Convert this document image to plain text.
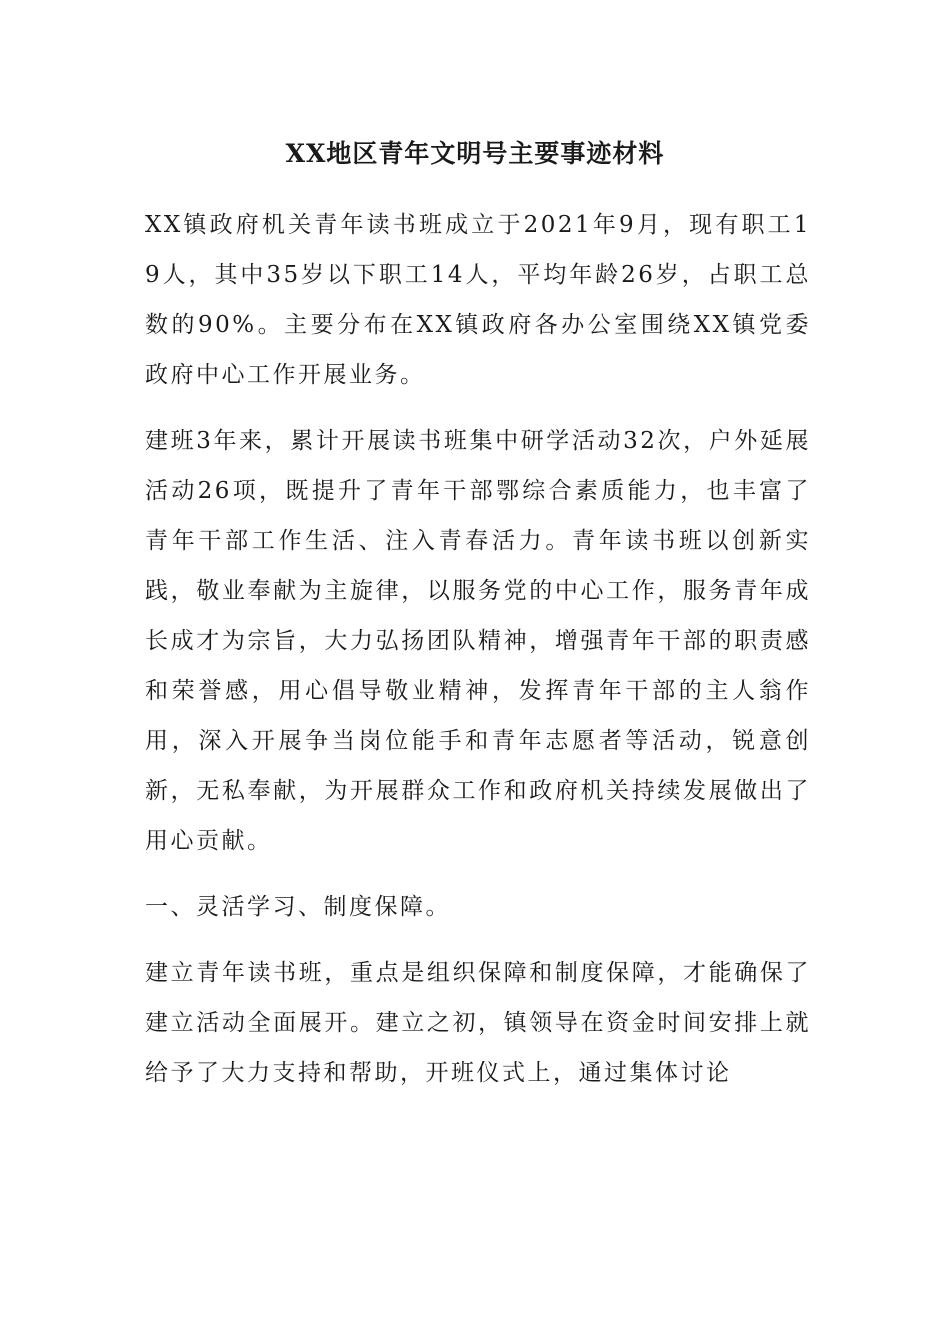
XX地区青年文明号主要事迹材料

XX镇政府机关青年读书班成立于2021年9月，现有职工19人，其中35岁以下职工14人，平均年龄26岁，占职工总数的90%。主要分布在XX镇政府各办公室围绕XX镇党委政府中心工作开展业务。

建班3年来，累计开展读书班集中研学活动32次，户外延展活动26项，既提升了青年干部鄂综合素质能力，也丰富了青年干部工作生活、注入青春活力。青年读书班以创新实践，敬业奉献为主旋律，以服务党的中心工作，服务青年成长成才为宗旨，大力弘扬团队精神，增强青年干部的职责感和荣誉感，用心倡导敬业精神，发挥青年干部的主人翁作用，深入开展争当岗位能手和青年志愿者等活动，锐意创新，无私奉献，为开展群众工作和政府机关持续发展做出了用心贡献。

一、灵活学习、制度保障。

建立青年读书班，重点是组织保障和制度保障，才能确保了建立活动全面展开。建立之初，镇领导在资金时间安排上就给予了大力支持和帮助，开班仪式上，通过集体讨论
